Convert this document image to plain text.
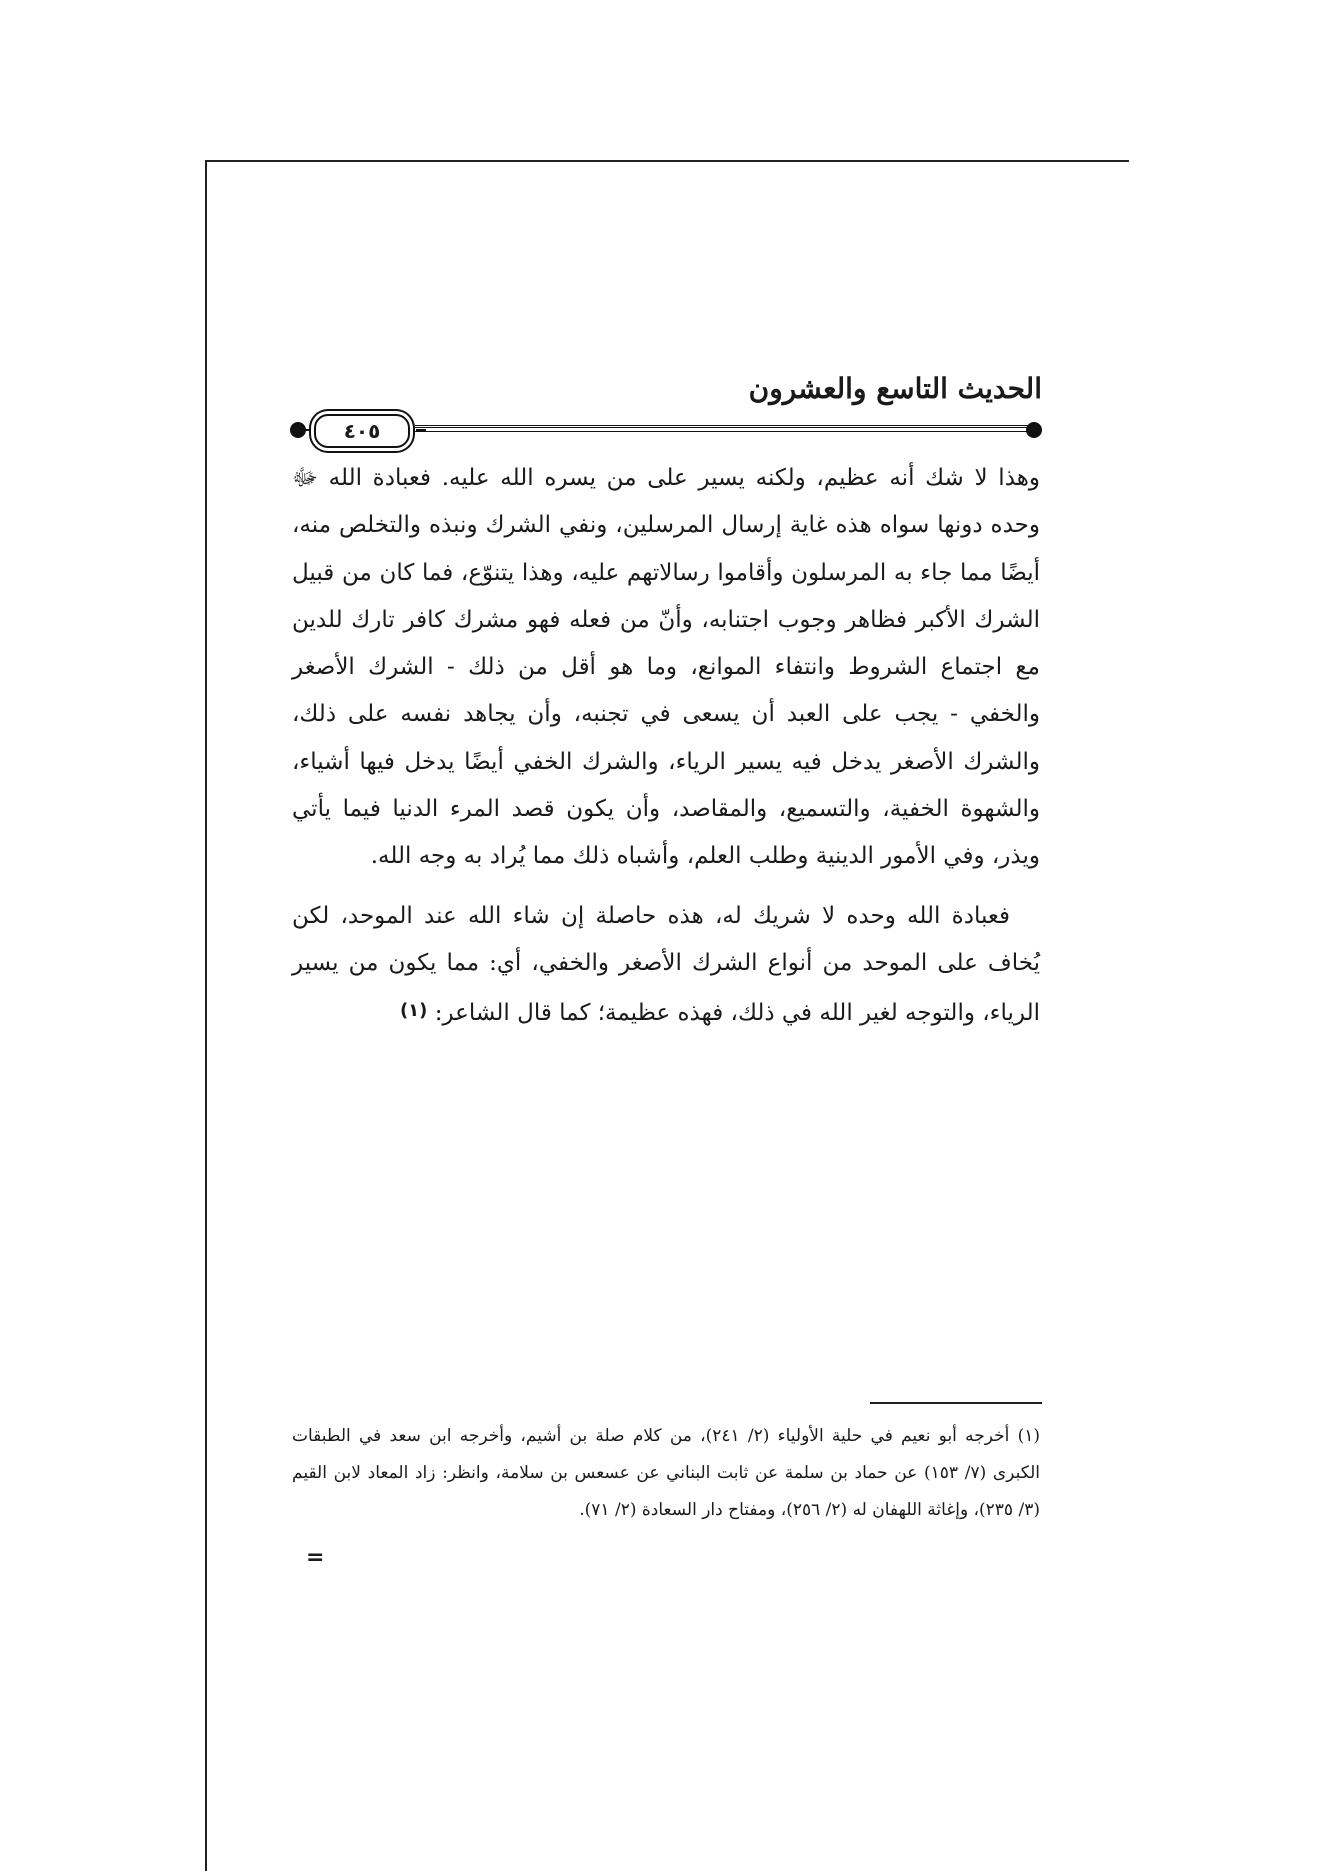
الحديث التاسع والعشرون
٤٠٥

وهذا لا شك أنه عظيم، ولكنه يسير على من يسره الله عليه. فعبادة الله ﷻ وحده دونها سواه هذه غاية إرسال المرسلين، ونفي الشرك ونبذه والتخلص منه، أيضًا مما جاء به المرسلون وأقاموا رسالاتهم عليه، وهذا يتنوّع، فما كان من قبيل الشرك الأكبر فظاهر وجوب اجتنابه، وأنّ من فعله فهو مشرك كافر تارك للدين مع اجتماع الشروط وانتفاء الموانع، وما هو أقل من ذلك - الشرك الأصغر والخفي - يجب على العبد أن يسعى في تجنبه، وأن يجاهد نفسه على ذلك، والشرك الأصغر يدخل فيه يسير الرياء، والشرك الخفي أيضًا يدخل فيها أشياء، والشهوة الخفية، والتسميع، والمقاصد، وأن يكون قصد المرء الدنيا فيما يأتي ويذر، وفي الأمور الدينية وطلب العلم، وأشباه ذلك مما يُراد به وجه الله.

فعبادة الله وحده لا شريك له، هذه حاصلة إن شاء الله عند الموحد، لكن يُخاف على الموحد من أنواع الشرك الأصغر والخفي، أي: مما يكون من يسير الرياء، والتوجه لغير الله في ذلك، فهذه عظيمة؛ كما قال الشاعر: (١)

(١) أخرجه أبو نعيم في حلية الأولياء (٢/ ٢٤١)، من كلام صلة بن أشيم، وأخرجه ابن سعد في الطبقات الكبرى (٧/ ١٥٣) عن حماد بن سلمة عن ثابت البناني عن عسعس بن سلامة، وانظر: زاد المعاد لابن القيم (٣/ ٢٣٥)، وإغاثة اللهفان له (٢/ ٢٥٦)، ومفتاح دار السعادة (٢/ ٧١).
=
